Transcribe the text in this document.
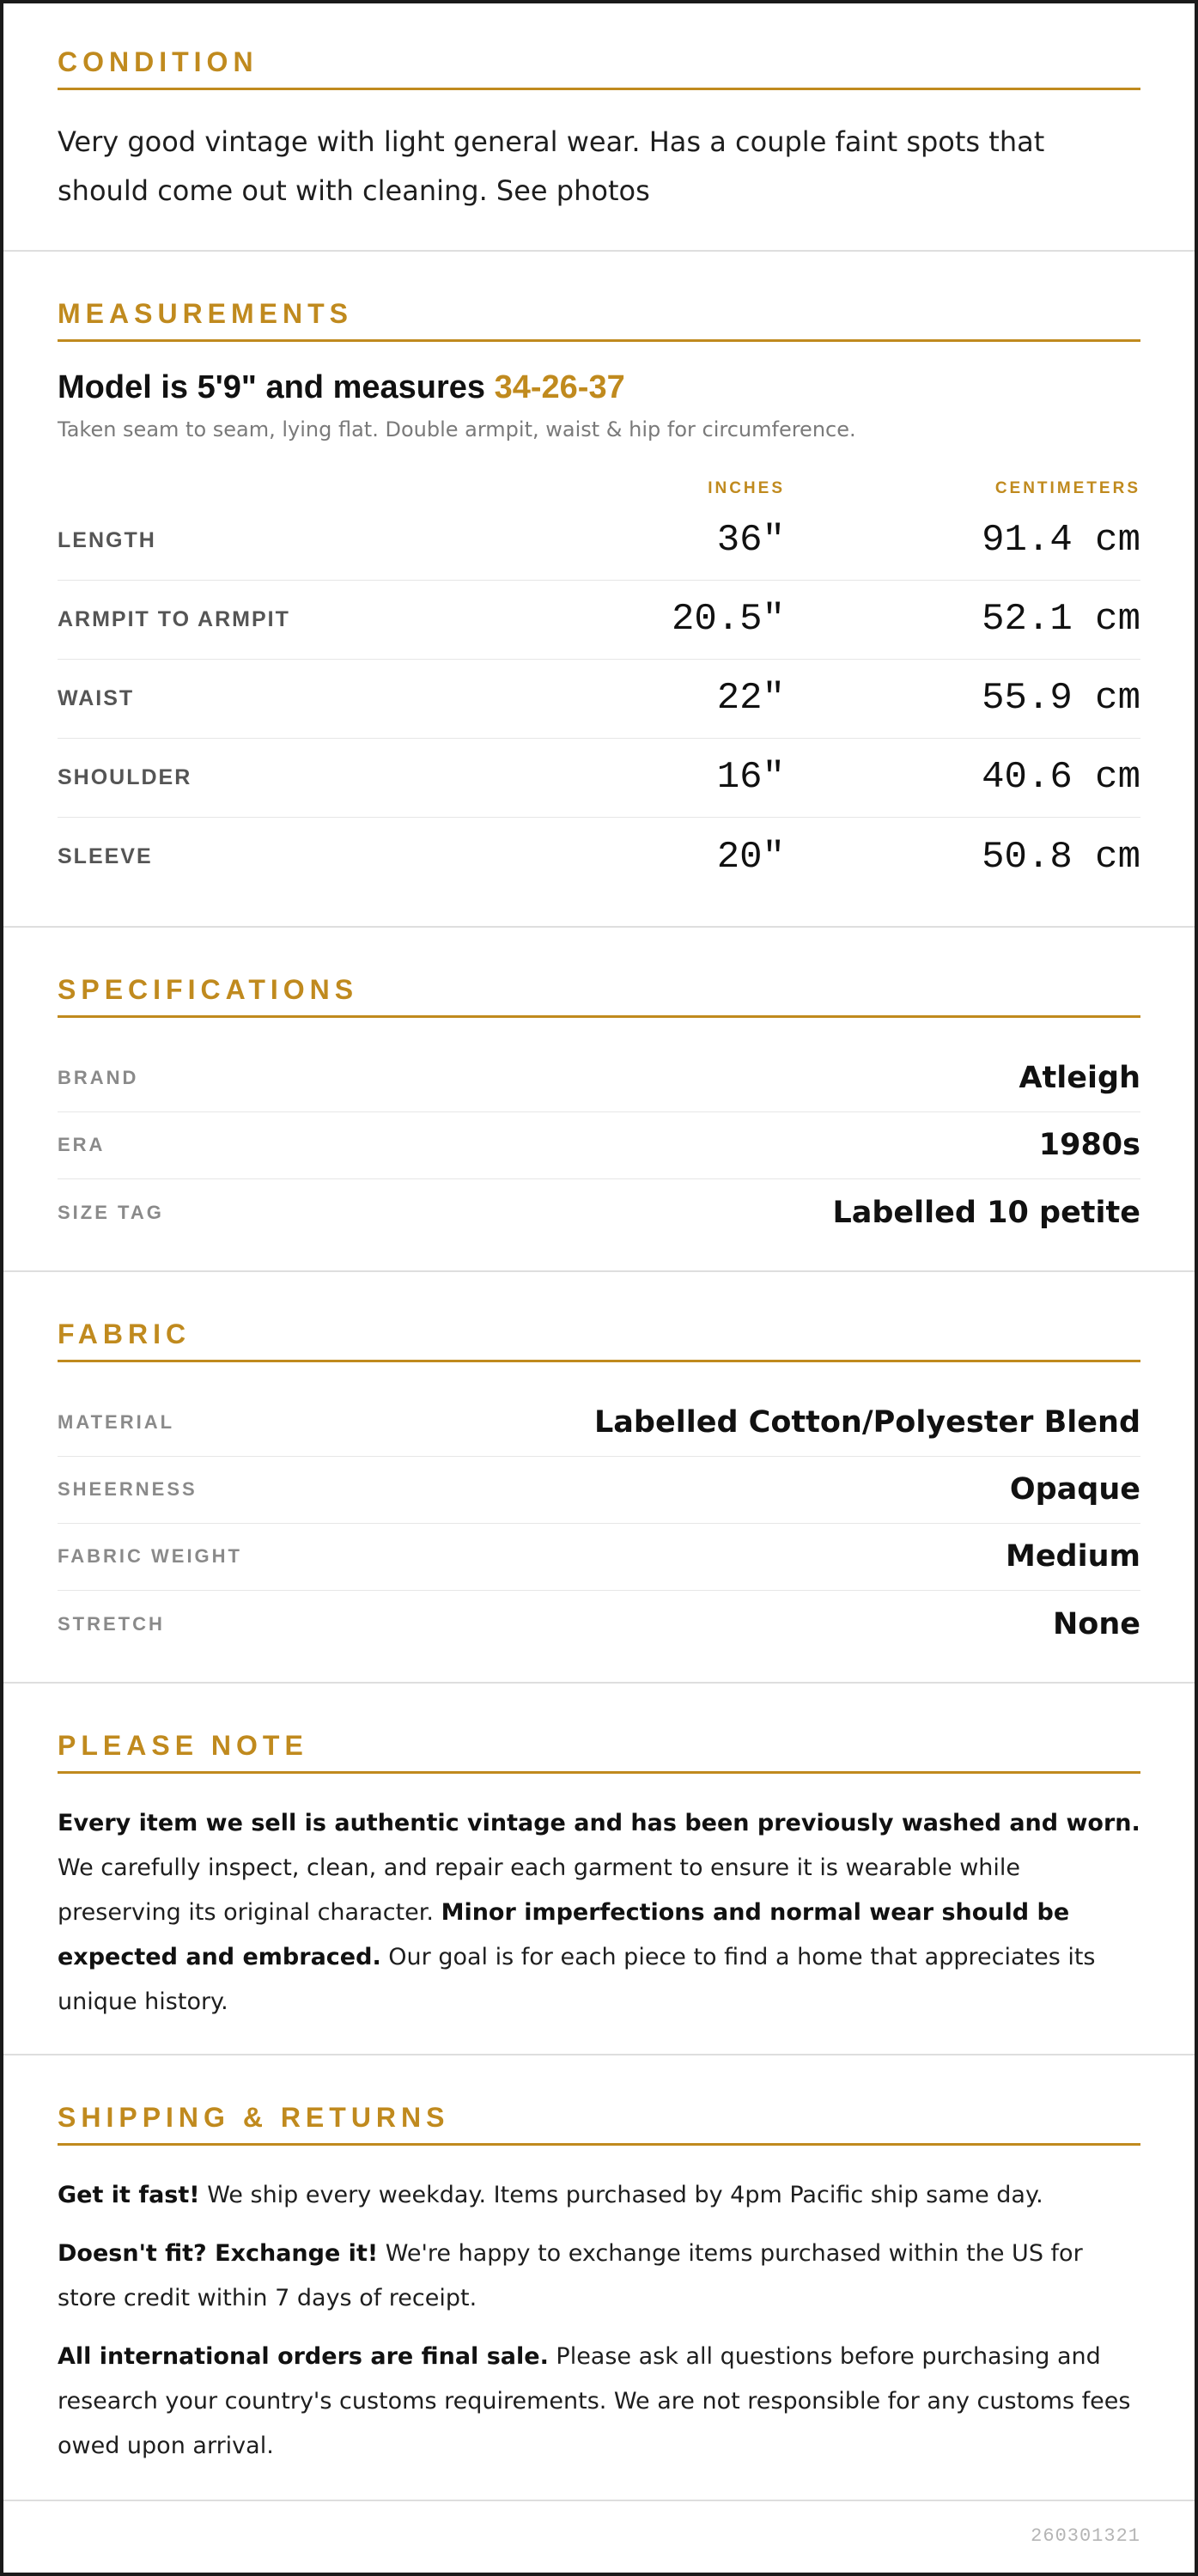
CONDITION

Very good vintage with light general wear. Has a couple faint spots that should come out with cleaning. See photos

MEASUREMENTS
Model is 5'9" and measures 34-26-37
Taken seam to seam, lying flat. Double armpit, waist & hip for circumference.
INCHES	CENTIMETERS
LENGTH	36"	91.4 cm
ARMPIT TO ARMPIT	20.5"	52.1 cm
WAIST	22"	55.9 cm
SHOULDER	16"	40.6 cm
SLEEVE	20"	50.8 cm
SPECIFICATIONS
BRAND	Atleigh
ERA	1980s
SIZE TAG	Labelled 10 petite
FABRIC
MATERIAL	Labelled Cotton/Polyester Blend
SHEERNESS	Opaque
FABRIC WEIGHT	Medium
STRETCH	None
PLEASE NOTE

Every item we sell is authentic vintage and has been previously washed and worn. We carefully inspect, clean, and repair each garment to ensure it is wearable while preserving its original character. Minor imperfections and normal wear should be expected and embraced. Our goal is for each piece to find a home that appreciates its unique history.

SHIPPING & RETURNS

Get it fast! We ship every weekday. Items purchased by 4pm Pacific ship same day.

Doesn't fit? Exchange it! We're happy to exchange items purchased within the US for store credit within 7 days of receipt.

All international orders are final sale. Please ask all questions before purchasing and research your country's customs requirements. We are not responsible for any customs fees owed upon arrival.

260301321
